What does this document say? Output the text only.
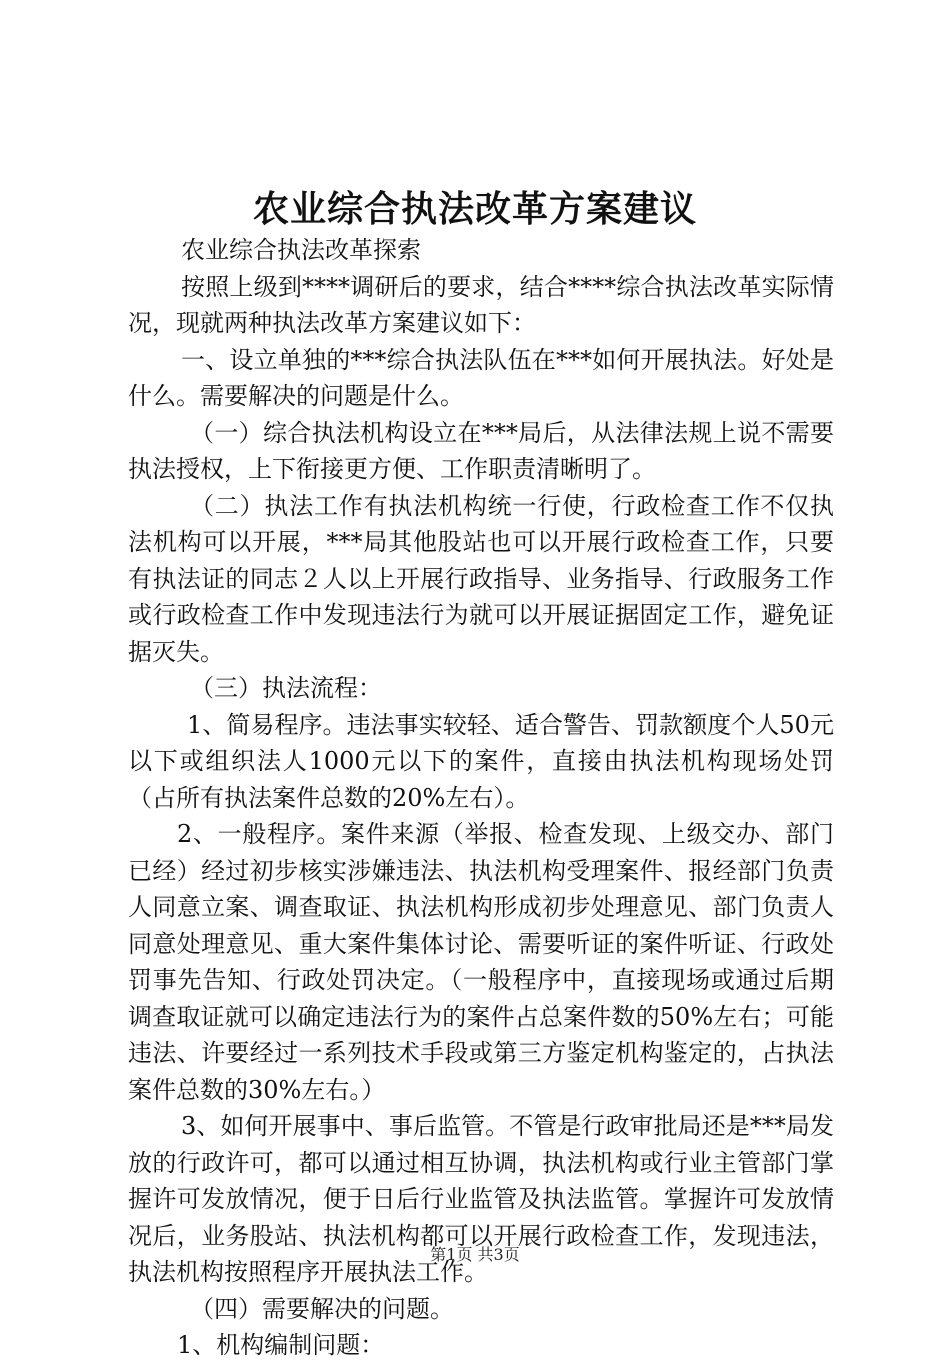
农业综合执法改革方案建议

农业综合执法改革探索

按照上级到****调研后的要求，结合****综合执法改革实际情况，现就两种执法改革方案建议如下：

一、设立单独的***综合执法队伍在***如何开展执法。好处是什么。需要解决的问题是什么。

（一）综合执法机构设立在***局后，从法律法规上说不需要执法授权，上下衔接更方便、工作职责清晰明了。

（二）执法工作有执法机构统一行使，行政检查工作不仅执法机构可以开展，***局其他股站也可以开展行政检查工作，只要有执法证的同志２人以上开展行政指导、业务指导、行政服务工作或行政检查工作中发现违法行为就可以开展证据固定工作，避免证据灭失。

（三）执法流程：

1、简易程序。违法事实较轻、适合警告、罚款额度个人50元以下或组织法人1000元以下的案件，直接由执法机构现场处罚（占所有执法案件总数的20%左右）。

2、一般程序。案件来源（举报、检查发现、上级交办、部门已经）经过初步核实涉嫌违法、执法机构受理案件、报经部门负责人同意立案、调查取证、执法机构形成初步处理意见、部门负责人同意处理意见、重大案件集体讨论、需要听证的案件听证、行政处罚事先告知、行政处罚决定。（一般程序中，直接现场或通过后期调查取证就可以确定违法行为的案件占总案件数的50%左右；可能违法、许要经过一系列技术手段或第三方鉴定机构鉴定的，占执法案件总数的30%左右。）

3、如何开展事中、事后监管。不管是行政审批局还是***局发放的行政许可，都可以通过相互协调，执法机构或行业主管部门掌握许可发放情况，便于日后行业监管及执法监管。掌握许可发放情况后，业务股站、执法机构都可以开展行政检查工作，发现违法，执法机构按照程序开展执法工作。

（四）需要解决的问题。

1、机构编制问题：

第1页 共3页
